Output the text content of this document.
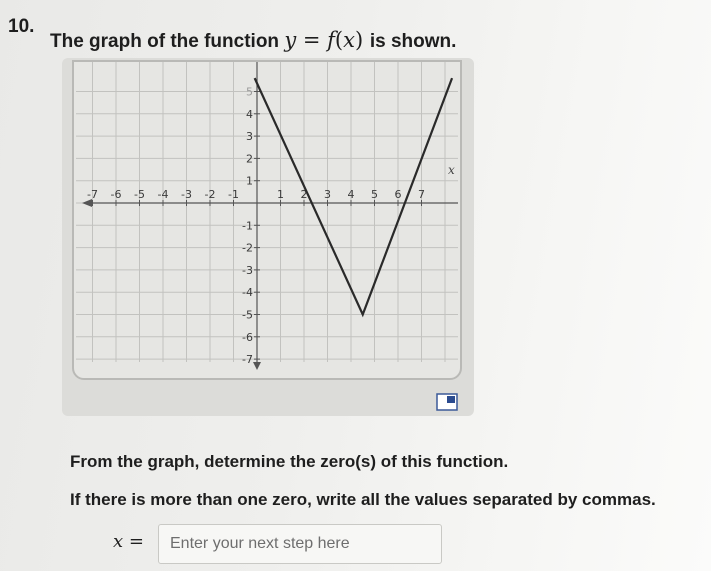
10.
The graph of the function y = f(x) is shown.
-7 -6 -5 -4 -3 -2 -1	1 2 3 4 5 6 7
5
4
3
2
1
-1
-2
-3
-4
-5
-6
-7
x
From the graph, determine the zero(s) of this function.
If there is more than one zero, write all the values separated by commas.
x =
Enter your next step here
